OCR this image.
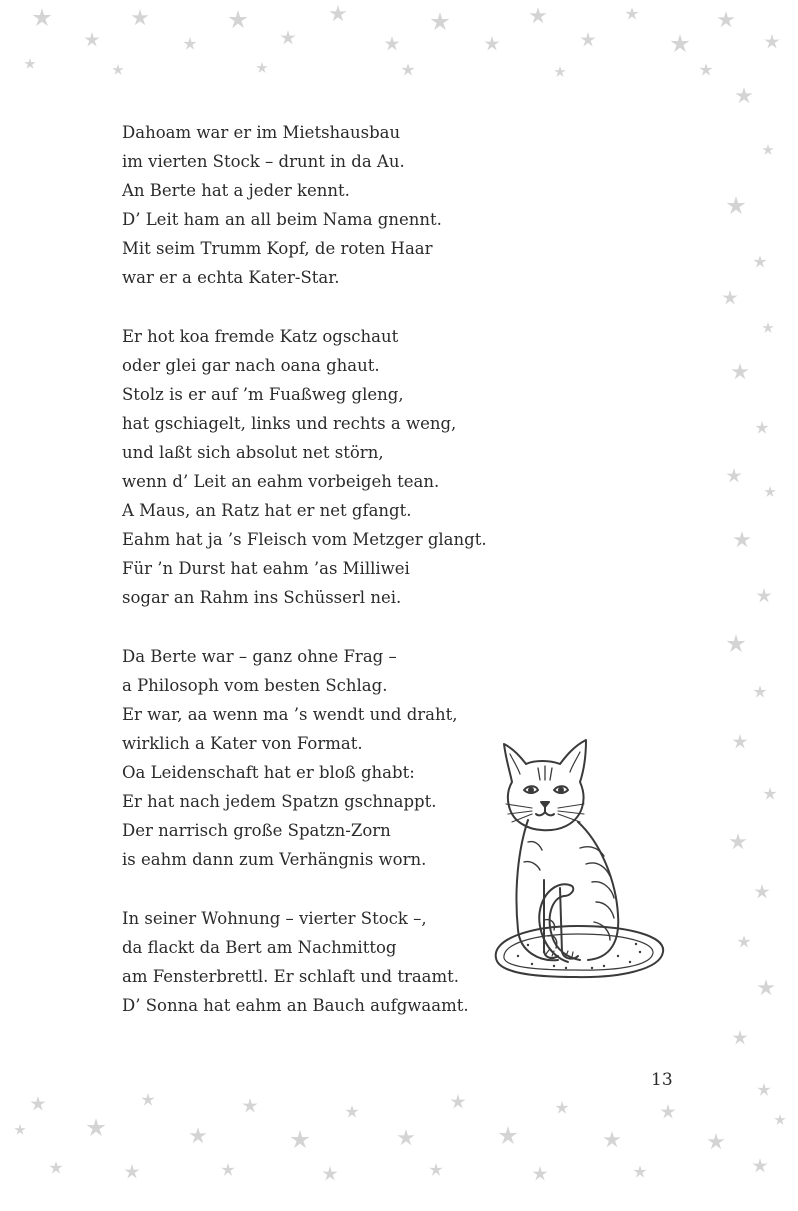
Dahoam war er im Mietshausbau
im vierten Stock – drunt in da Au.
An Berte hat a jeder kennt.
D’ Leit ham an all beim Nama gnennt.
Mit seim Trumm Kopf, de roten Haar
war er a echta Kater-Star.
Er hot koa fremde Katz ogschaut
oder glei gar nach oana ghaut.
Stolz is er auf ’m Fuaßweg gleng,
hat gschiagelt, links und rechts a weng,
und laßt sich absolut net störn,
wenn d’ Leit an eahm vorbeigeh tean.
A Maus, an Ratz hat er net gfangt.
Eahm hat ja ’s Fleisch vom Metzger glangt.
Für ’n Durst hat eahm ’as Milliwei
sogar an Rahm ins Schüsserl nei.
Da Berte war – ganz ohne Frag –
a Philosoph vom besten Schlag.
Er war, aa wenn ma ’s wendt und draht,
wirklich a Kater von Format.
Oa Leidenschaft hat er bloß ghabt:
Er hat nach jedem Spatzn gschnappt.
Der narrisch große Spatzn-Zorn
is eahm dann zum Verhängnis worn.
In seiner Wohnung – vierter Stock –,
da flackt da Bert am Nachmittog
am Fensterbrettl. Er schlaft und traamt.
D’ Sonna hat eahm an Bauch aufgwaamt.
13
